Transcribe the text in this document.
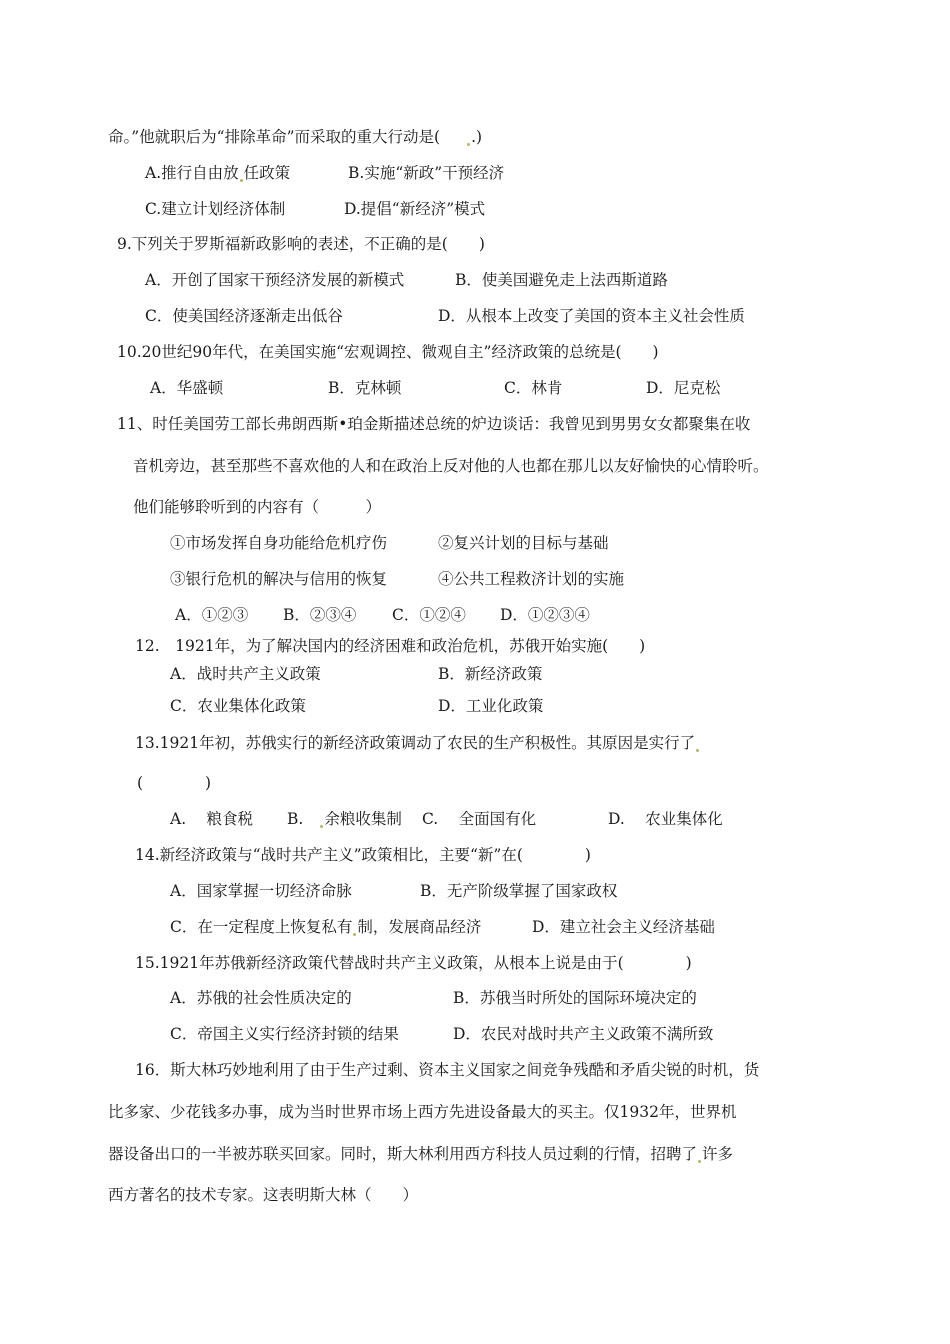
命。”他就职后为“排除革命”而采取的重大行动是( .)
A.推行自由放 任政策	B.实施“新政”干预经济
C.建立计划经济体制	D.提倡“新经济”模式
9.下列关于罗斯福新政影响的表述，不正确的是(　　)
A．开创了国家干预经济发展的新模式	B．使美国避免走上法西斯道路
C．使美国经济逐渐走出低谷	D．从根本上改变了美国的资本主义社会性质
10.20世纪90年代，在美国实施“宏观调控、微观自主”经济政策的总统是(　　)
A．华盛顿	B．克林顿	C．林肯	D．尼克松
11、时任美国劳工部长弗朗西斯•珀金斯描述总统的炉边谈话：我曾见到男男女女都聚集在收
音机旁边，甚至那些不喜欢他的人和在政治上反对他的人也都在那儿以友好愉快的心情聆听。
他们能够聆听到的内容有（　　　）
①市场发挥自身功能给危机疗伤	②复兴计划的目标与基础
③银行危机的解决与信用的恢复	④公共工程救济计划的实施
A．①②③ B．②③④ C．①②④ D．①②③④
12.　1921年，为了解决国内的经济困难和政治危机，苏俄开始实施(　　)
A．战时共产主义政策	B．新经济政策
C．农业集体化政策	D．工业化政策
13.1921年初，苏俄实行的新经济政策调动了农民的生产积极性。其原因是实行了
(　　　　)
A.　 粮食税 B. 余粮收集制 C.　 全面国有化	D.　 农业集体化
14.新经济政策与“战时共产主义”政策相比，主要“新”在(　　　　)
A．国家掌握一切经济命脉	B．无产阶级掌握了国家政权
C．在一定程度上恢复私有 制，发展商品经济	D．建立社会主义经济基础
15.1921年苏俄新经济政策代替战时共产主义政策，从根本上说是由于(　　　　)
A．苏俄的社会性质决定的	B．苏俄当时所处的国际环境决定的
C．帝国主义实行经济封锁的结果	D．农民对战时共产主义政策不满所致
16．斯大林巧妙地利用了由于生产过剩、资本主义国家之间竞争残酷和矛盾尖锐的时机，货
比多家、少花钱多办事，成为当时世界市场上西方先进设备最大的买主。仅1932年，世界机
器设备出口的一半被苏联买回家。同时，斯大林利用西方科技人员过剩的行情，招聘了 许多
西方著名的技术专家。这表明斯大林（　　）
